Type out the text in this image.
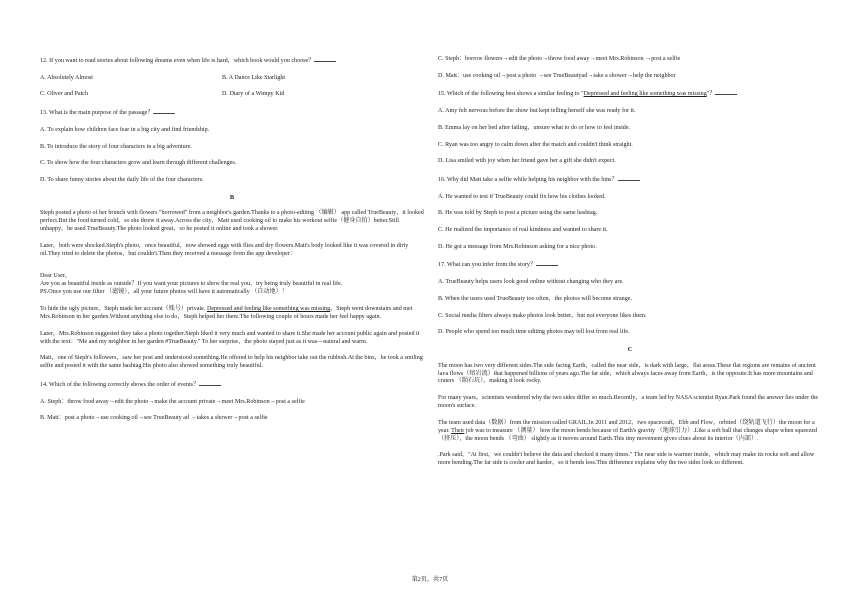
12. If you want to read stories about following dreams even when life is hard，which book would you choose？

A. Absolutely Almost	B. A Dance Like Starlight
C. Oliver and Patch	D. Diary of a Wimpy Kid

13. What is the main purpose of the passage？

A. To explain how children face fear in a big city and find friendship.

B. To introduce the story of four characters in a big adventure.

C. To show how the four characters grow and learn through different challenges.

D. To share funny stories about the daily life of the four characters.

B

Steph posted a photo of her brunch with flowers "borrowed" from a neighbor's garden.Thanks to a photo-editing （编辑） app called TrueBeauty，it looked perfect.But the food turned cold，so she threw it away.Across the city，Matt used cooking oil to make his workout selfie（健身自拍）better.Still unhappy，he used TrueBeauty.The photo looked great，so he posted it online and took a shower.

Later，both were shocked.Steph's photo，once beautiful，now showed eggs with flies and dry flowers.Matt's body looked like it was covered in dirty oil.They tried to delete the photos，but couldn't.Then they received a message from the app developer：

Dear User，

Are you as beautiful inside as outside？If you want your pictures to show the real you，try being truly beautiful in real life.

PS.Once you use our filter （滤镜），all your future photos will have it automatically （自动地）！

To hide the ugly picture，Steph made her account（账号）private. Depressed and feeling like something was missing，Steph went downstairs and met Mrs.Robinson in her garden.Without anything else to do，Steph helped her there.The following couple of hours made her feel happy again.

Later，Mrs.Robinson suggested they take a photo together.Steph liked it very much and wanted to share it.She made her account public again and posted it with the text："Me and my neighbor in her garden #TrueBeauty." To her surprise，the photo stayed just as it was—natural and warm.

Matt，one of Steph's followers，saw her post and understood something.He offered to help his neighbor take out the rubbish.At the bins，he took a smiling selfie and posted it with the same hashtag.His photo also showed something truly beautiful.

14. Which of the following correctly shows the order of events？

A. Steph：throw food away→edit the photo→make the account private→meet Mrs.Robinson→post a selfie

B. Matt：post a photo→use cooking oil→see TrueBeauty ad →takes a shower→post a selfie

C. Steph：borrow flowers→edit the photo→throw food away→meet Mrs.Robinson →post a selfie

D. Matt：use cooking oil→post a photo →see TrueBeautyad→take a shower→help the neighbor

15. Which of the following best shows a similar feeling to "Depressed and feeling like something was missing"？

A. Amy felt nervous before the show but kept telling herself she was ready for it.

B. Emma lay on her bed after failing，unsure what to do or how to feel inside.

C. Ryan was too angry to calm down after the match and couldn't think straight.

D. Lisa smiled with joy when her friend gave her a gift she didn't expect.

16. Why did Matt take a selfie while helping his neighbor with the bins？

A. He wanted to test if TrueBeauty could fix how his clothes looked.

B. He was told by Steph to post a picture using the same hashtag.

C. He realized the importance of real kindness and wanted to share it.

D. He got a message from Mrs.Robinson asking for a nice photo.

17. What can you infer from the story？

A. TrueBeauty helps users look good online without changing who they are.

B. When the users used TrueBeauty too often，the photos will become strange.

C. Social media filters always make photos look better，but not everyone likes them.

D. People who spend too much time editing photos may tell lost from real life.

C

The moon has two very different sides.The side facing Earth，called the near side，is dark with large，flat areas.These flat regions are remains of ancient lava flows（熔岩流）that happened billions of years ago.The far side，which always faces away from Earth，is the opposite.It has more mountains and craters （陨石坑），making it look rocky.

For many years，scientists wondered why the two sides differ so much.Recently，a team led by NASA scientist Ryan.Park found the answer lies under the moon's surface.

The team used data（数据）from the mission called GRAIL.In 2011 and 2012，two spacecraft，Ebb and Flow，orbited（绕轨道飞行）the moon for a year. Their job was to measure （测量） how the moon bends because of Earth's gravity （地球引力）.Like a soft ball that changes shape when squeezed （挤压），the moon bends （弯曲） slightly as it moves around Earth.This tiny movement gives clues about its interior（内部）.

.Park said，"At first，we couldn't believe the data and checked it many times." The near side is warmer inside，which may make its rocks soft and allow more bending.The far side is cooler and harder，so it bends less.This difference explains why the two sides look so different.

第2页，共7页
